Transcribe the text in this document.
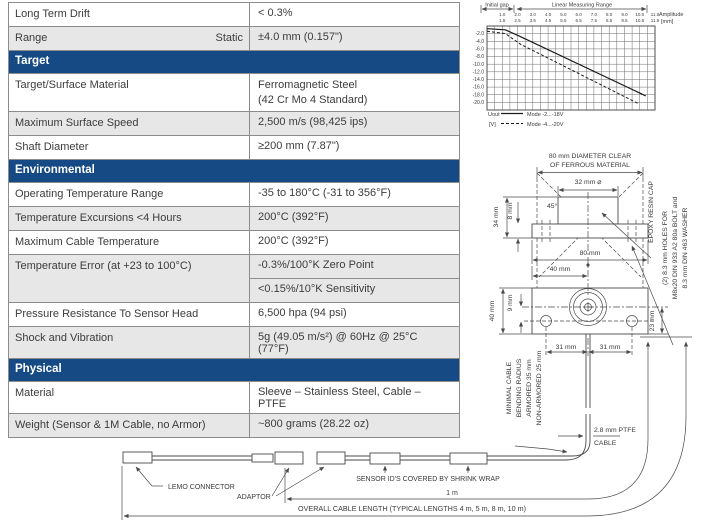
Long Term Drift	< 0.3%
Range	Static	±4.0 mm (0.157")
Target
Target/Surface Material	Ferromagnetic Steel
(42 Cr Mo 4 Standard)
Maximum Surface Speed	2,500 m/s (98,425 ips)
Shaft Diameter	≥200 mm (7.87")
Environmental
Operating Temperature Range	-35 to 180°C (-31 to 356°F)
Temperature Excursions <4 Hours	200°C (392°F)
Maximum Cable Temperature	200°C (392°F)
Temperature Error (at +23 to 100°C)	-0.3%/100°K Zero Point
<0.15%/10°K Sensitivity
Pressure Resistance To Sensor Head	6,500 hpa (94 psi)
Shock and Vibration	5g (49.05 m/s²) @ 60Hz @ 25°C (77°F)
Physical
Material	Sleeve – Stainless Steel, Cable – PTFE
Weight (Sensor & 1M Cable, no Armor)	~800 grams (28.22 oz)
-2.0
-4.0
-6.0
-8.0
-10.0
-12.0
-14.0
-16.0
-18.0
-20.0
1.0
1.5
2.0
2.5
3.0
3.5
4.0
4.5
5.0
5.5
6.0
6.5
7.0
7.5
8.0
8.5
9.0
9.5
10.0
10.5
11.0
11.5
Initial gap	Linear Measuring Range
Amplitude
[mm]
Uout
[V]
Mode -2...-18V
Mode -4...-20V
80 mm DIAMETER CLEAR
OF FERROUS MATERIAL
32 mm ⌀
45°
34 mm 8 mm	EPOXY RESIN CAP (2) 8.3 mm HOLES FOR M8x20 DIN 933 A2 80a BOLT and 8.3 mm DIN 463 WASHER
80 mm
40 mm
40 mm 9 mm
23 mm
31 mm	31 mm
2.8 mm PTFE
CABLE
MINIMAL CABLE BENDING RADIUS ARMORED 35 mm NON-ARMORED 25 mm
LEMO CONNECTOR
ADAPTOR
SENSOR ID'S COVERED BY SHRINK WRAP
1 m
OVERALL CABLE LENGTH (TYPICAL LENGTHS 4 m, 5 m, 8 m, 10 m)
